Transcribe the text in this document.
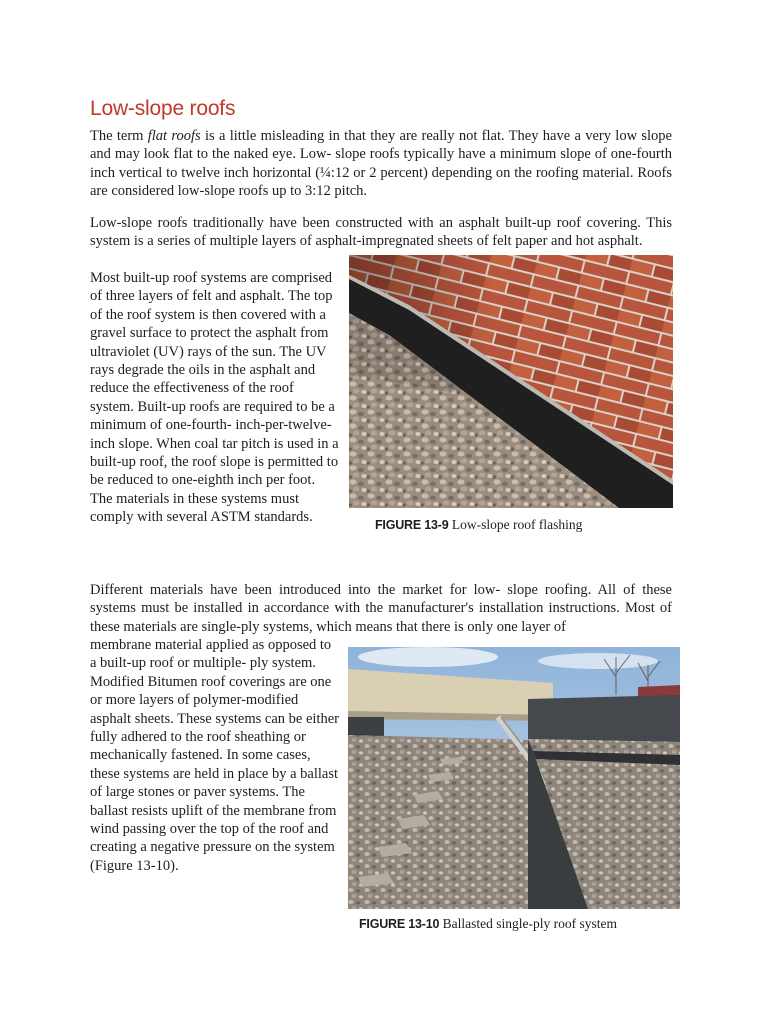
Low-slope roofs

The term flat roofs is a little misleading in that they are really not flat. They have a very low slope and may look flat to the naked eye. Low- slope roofs typically have a minimum slope of one-fourth inch vertical to twelve inch horizontal (¼:12 or 2 percent) depending on the roofing material. Roofs are considered low-slope roofs up to 3:12 pitch.

Low-slope roofs traditionally have been constructed with an asphalt built-up roof covering. This system is a series of multiple layers of asphalt-impregnated sheets of felt paper and hot asphalt.

Most built-up roof systems are comprised of three layers of felt and asphalt. The top of the roof system is then covered with a gravel surface to protect the asphalt from ultraviolet (UV) rays of the sun. The UV rays degrade the oils in the asphalt and reduce the effectiveness of the roof system. Built-up roofs are required to be a minimum of one-fourth- inch-per-twelve-inch slope. When coal tar pitch is used in a built-up roof, the roof slope is permitted to be reduced to one-eighth inch per foot. The materials in these systems must comply with several ASTM standards.	FIGURE 13-9 Low-slope roof flashing

Different materials have been introduced into the market for low- slope roofing. All of these systems must be installed in accordance with the manufacturer's installation instructions. Most of these materials are single-ply systems, which means that there is only one layer of

membrane material applied as opposed to a built-up roof or multiple- ply system. Modified Bitumen roof coverings are one or more layers of polymer-modified asphalt sheets. These systems can be either fully adhered to the roof sheathing or mechanically fastened. In some cases, these systems are held in place by a ballast of large stones or paver systems. The ballast resists uplift of the membrane from wind passing over the top of the roof and creating a negative pressure on the system (Figure 13-10).

FIGURE 13-10 Ballasted single-ply roof system
